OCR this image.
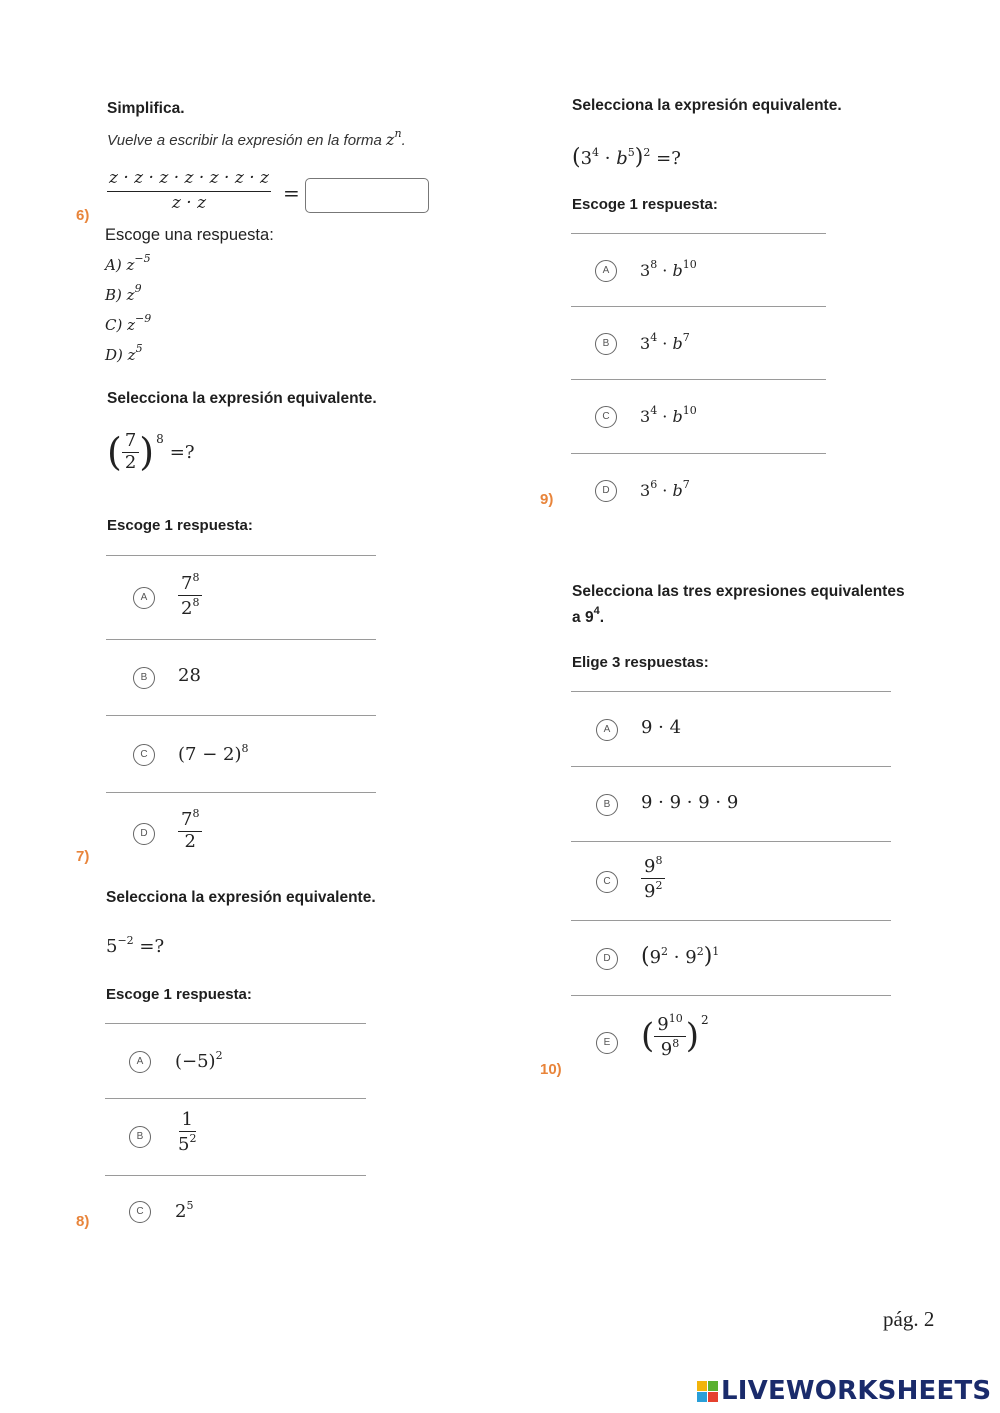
6)
Simplifica.
Vuelve a escribir la expresión en la forma $z^n$.
$\frac{z \cdot z \cdot z \cdot z \cdot z \cdot z \cdot z}{z \cdot z}$ =
Escoge una respuesta:
A) $z^{-5}$
B) $z^9$
C) $z^{-9}$
D) $z^5$
7)
Selecciona la expresión equivalente.
( $\frac{7}{2}$ ) 8
=?
Escoge 1 respuesta:
A	$\frac{7^8}{2^8}$
B	28
C	$(7 - 2)^8$
D	$\frac{7^8}{2}$
8)
Selecciona la expresión equivalente.
$5^{-2}$ =?
Escoge 1 respuesta:
A	$(-5)^2$
B	$\frac{1}{5^2}$
C	$2^5$
9)
Selecciona la expresión equivalente.
$(3^4 \cdot b^5)^2$ =?
Escoge 1 respuesta:
A	$3^8 \cdot b^{10}$
B	$3^4 \cdot b^7$
C	$3^4 \cdot b^{10}$
D	$3^6 \cdot b^7$
10)
Selecciona las tres expresiones equivalentes
a $9^4$.
Elige 3 respuestas:
A	9 · 4
B	9 · 9 · 9 · 9
C	$\frac{9^8}{9^2}$
D	$(9^2 \cdot 9^2)^1$
E ( $\frac{9^{10}}{9^8}$ ) 2
pág. 2
LIVEWORKSHEETS
